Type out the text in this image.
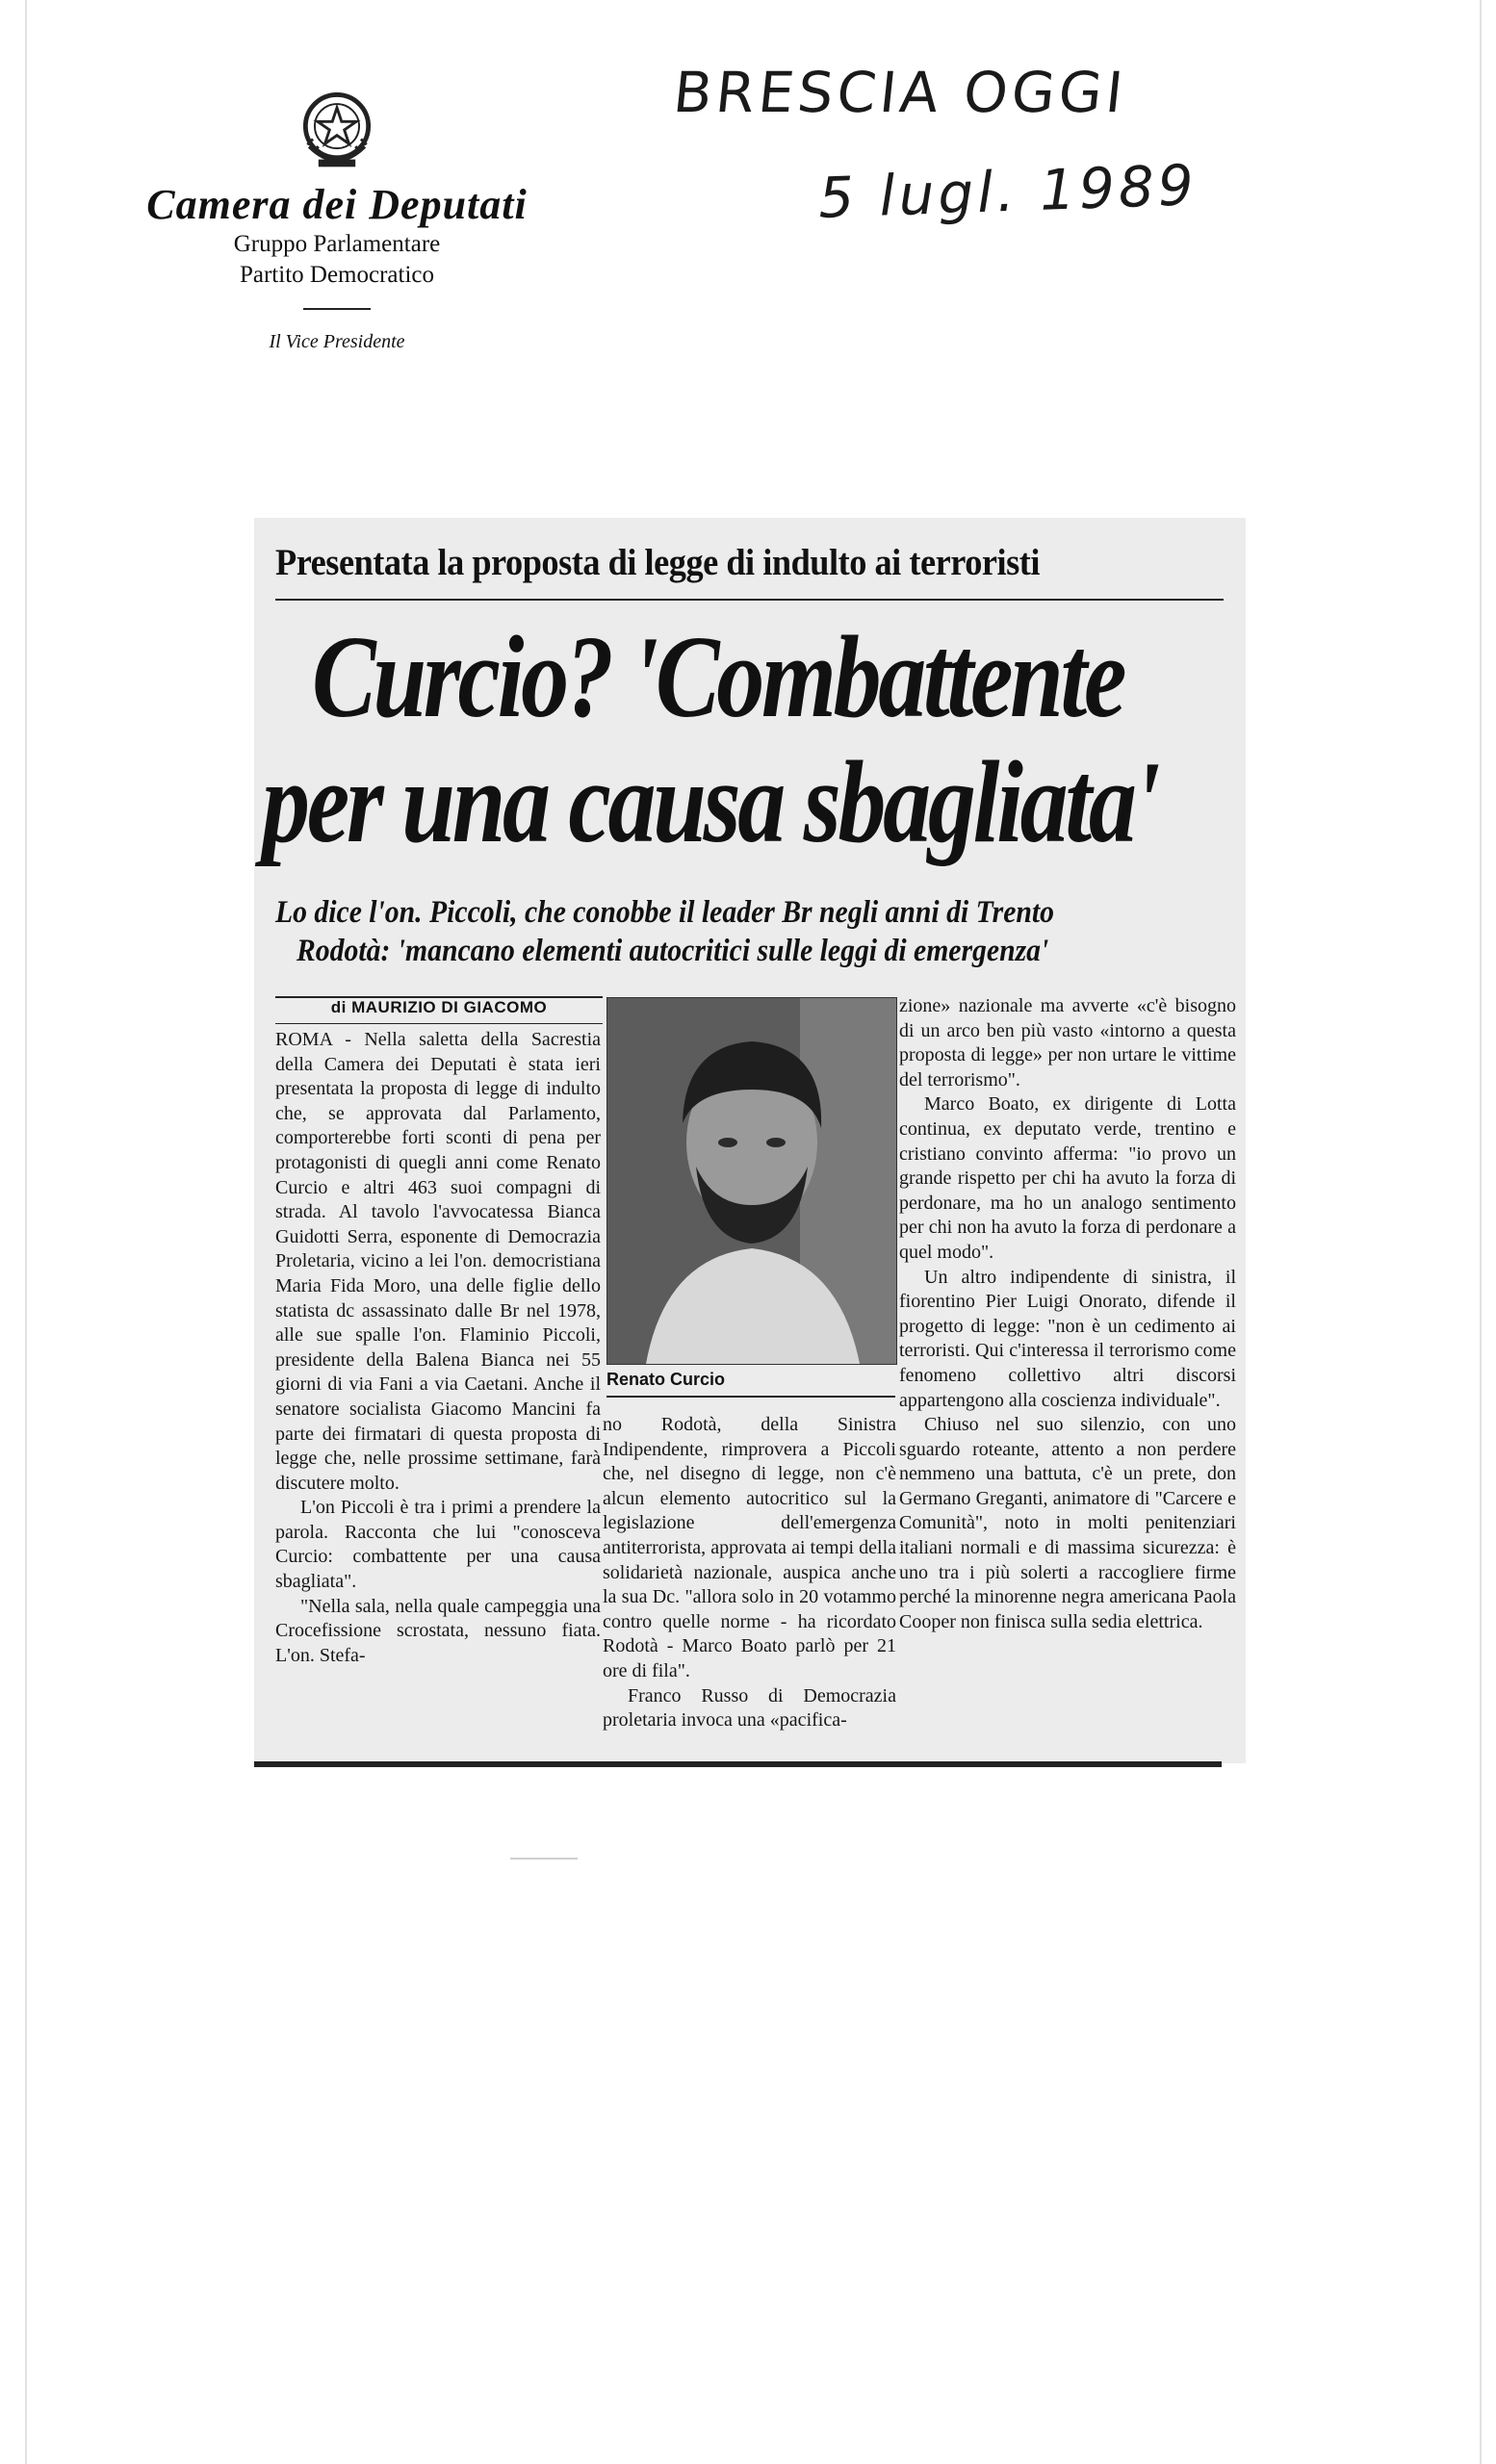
Camera dei Deputati
Gruppo Parlamentare
Partito Democratico
Il Vice Presidente
BRESCIA OGGI
5 lugl. 1989
Presentata la proposta di legge di indulto ai terroristi
Curcio? 'Combattente
per una causa sbagliata'
Lo dice l'on. Piccoli, che conobbe il leader Br negli anni di Trento
Rodotà: 'mancano elementi autocritici sulle leggi di emergenza'
di MAURIZIO DI GIACOMO

ROMA - Nella saletta della Sacrestia della Camera dei Deputati è stata ieri presentata la proposta di legge di indulto che, se approvata dal Parlamento, comporterebbe forti sconti di pena per protagonisti di quegli anni come Renato Curcio e altri 463 suoi compagni di strada. Al tavolo l'avvocatessa Bianca Guidotti Serra, esponente di Democrazia Proletaria, vicino a lei l'on. democristiana Maria Fida Moro, una delle figlie dello statista dc assassinato dalle Br nel 1978, alle sue spalle l'on. Flaminio Piccoli, presidente della Balena Bianca nei 55 giorni di via Fani a via Caetani. Anche il senatore socialista Giacomo Mancini fa parte dei firmatari di questa proposta di legge che, nelle prossime settimane, farà discutere molto.

L'on Piccoli è tra i primi a prendere la parola. Racconta che lui "conosceva Curcio: combattente per una causa sbagliata".

"Nella sala, nella quale campeggia una Crocefissione scrostata, nessuno fiata. L'on. Stefa-

Renato Curcio

no Rodotà, della Sinistra Indipendente, rimprovera a Piccoli che, nel disegno di legge, non c'è alcun elemento autocritico sul la legislazione dell'emergenza antiterrorista, approvata ai tempi della solidarietà nazionale, auspica anche la sua Dc. "allora solo in 20 votammo contro quelle norme - ha ricordato Rodotà - Marco Boato parlò per 21 ore di fila".

Franco Russo di Democrazia proletaria invoca una «pacifica-

zione» nazionale ma avverte «c'è bisogno di un arco ben più vasto «intorno a questa proposta di legge» per non urtare le vittime del terrorismo".

Marco Boato, ex dirigente di Lotta continua, ex deputato verde, trentino e cristiano convinto afferma: "io provo un grande rispetto per chi ha avuto la forza di perdonare, ma ho un analogo sentimento per chi non ha avuto la forza di perdonare a quel modo".

Un altro indipendente di sinistra, il fiorentino Pier Luigi Onorato, difende il progetto di legge: "non è un cedimento ai terroristi. Qui c'interessa il terrorismo come fenomeno collettivo altri discorsi appartengono alla coscienza individuale".

Chiuso nel suo silenzio, con uno sguardo roteante, attento a non perdere nemmeno una battuta, c'è un prete, don Germano Greganti, animatore di "Carcere e Comunità", noto in molti penitenziari italiani normali e di massima sicurezza: è uno tra i più solerti a raccogliere firme perché la minorenne negra americana Paola Cooper non finisca sulla sedia elettrica.
